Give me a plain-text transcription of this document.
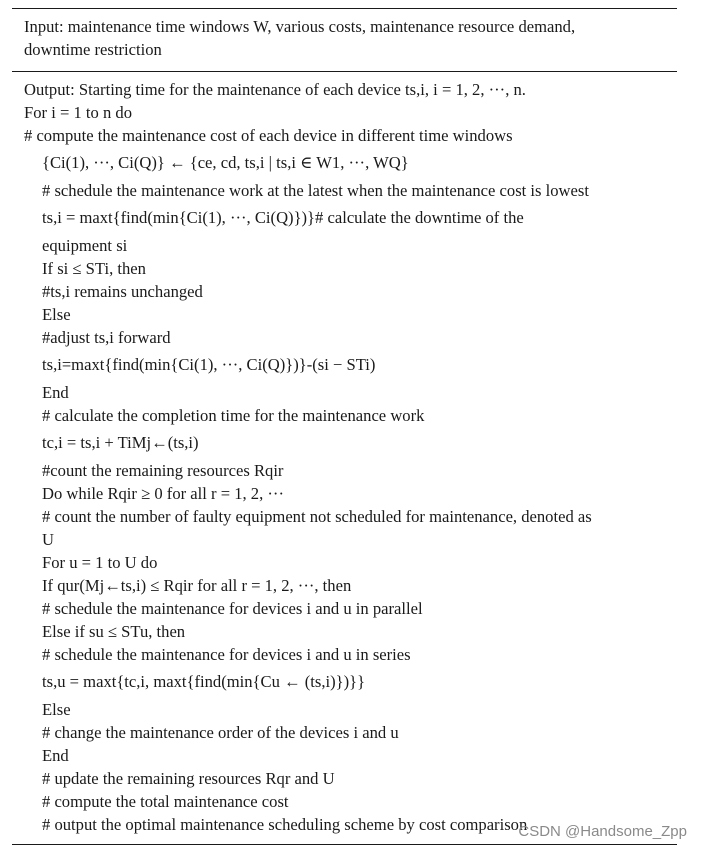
Input: maintenance time windows W, various costs, maintenance resource demand,
downtime restriction
Output: Starting time for the maintenance of each device ts,i, i = 1, 2, ···, n.
For i = 1 to n do
# compute the maintenance cost of each device in different time windows
{Ci(1), ···, Ci(Q)} ← {ce, cd, ts,i | ts,i ∈ W1, ···, WQ}
# schedule the maintenance work at the latest when the maintenance cost is lowest
ts,i = maxt{find(min{Ci(1), ···, Ci(Q)})}# calculate the downtime of the
equipment si
If si ≤ STi, then
#ts,i remains unchanged
Else
#adjust ts,i forward
ts,i=maxt{find(min{Ci(1), ···, Ci(Q)})}-(si − STi)
End
# calculate the completion time for the maintenance work
tc,i = ts,i + TiMj←(ts,i)
#count the remaining resources Rqir
Do while Rqir ≥ 0 for all r = 1, 2, ···
# count the number of faulty equipment not scheduled for maintenance, denoted as
U
For u = 1 to U do
If qur(Mj←ts,i) ≤ Rqir for all r = 1, 2, ···, then
# schedule the maintenance for devices i and u in parallel
Else if su ≤ STu, then
# schedule the maintenance for devices i and u in series
ts,u = maxt{tc,i, maxt{find(min{Cu ← (ts,i)})}}
Else
# change the maintenance order of the devices i and u
End
# update the remaining resources Rqr and U
# compute the total maintenance cost
# output the optimal maintenance scheduling scheme by cost comparison
CSDN @Handsome_Zpp
